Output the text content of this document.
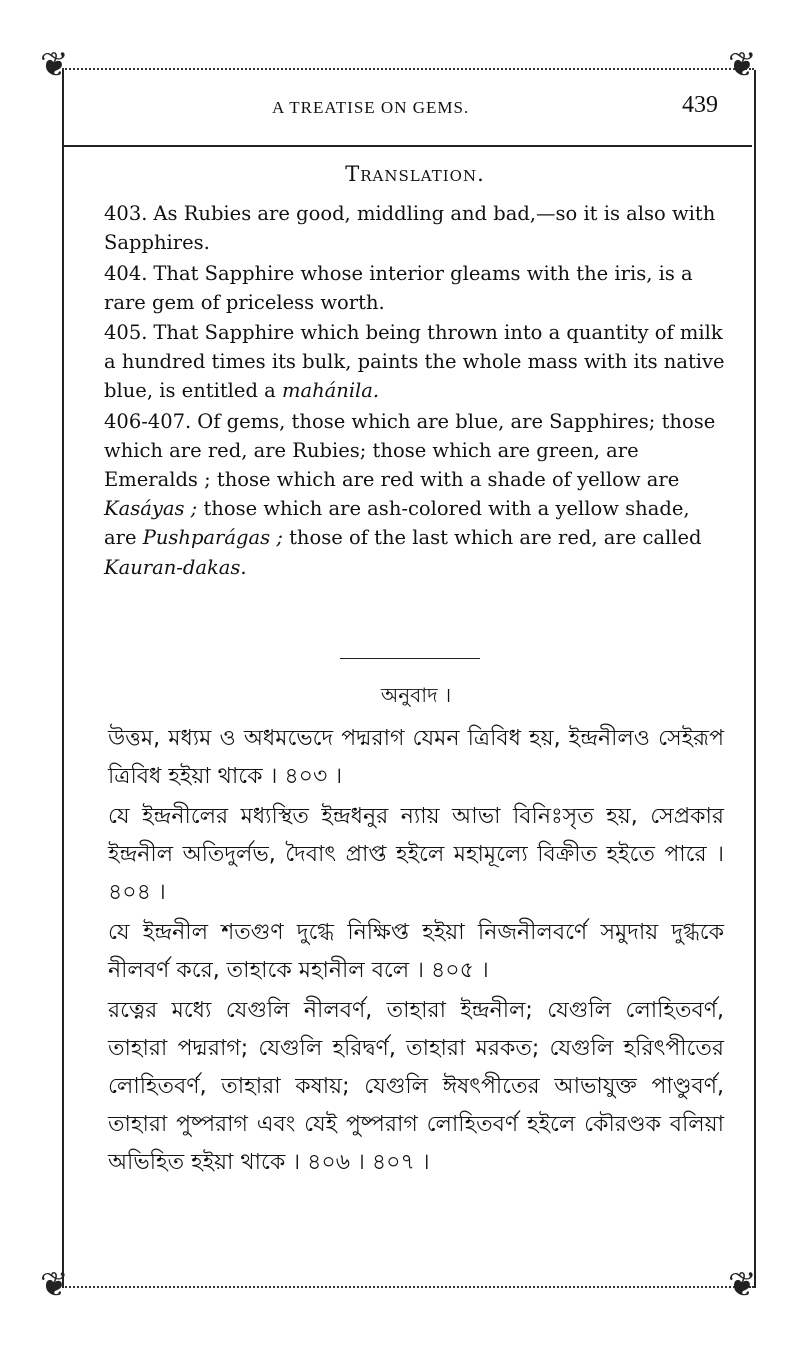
❦	❦
❦	❦
A TREATISE ON GEMS.	439
Translation.

403. As Rubies are good, middling and bad,—so it is also with Sapphires.

404. That Sapphire whose interior gleams with the iris, is a rare gem of priceless worth.

405. That Sapphire which being thrown into a quantity of milk a hundred times its bulk, paints the whole mass with its native blue, is entitled a mahánila.

406-407. Of gems, those which are blue, are Sapphires; those which are red, are Rubies; those which are green, are Emeralds ; those which are red with a shade of yellow are Kasáyas ; those which are ash-colored with a yellow shade, are Pushparágas ; those of the last which are red, are called Kauran-dakas.

অনুবাদ ।

উত্তম, মধ্যম ও অধমভেদে পদ্মরাগ যেমন ত্রিবিধ হয়, ইন্দ্রনীলও সেইরূপ ত্রিবিধ হইয়া থাকে । ৪০৩ ।

যে ইন্দ্রনীলের মধ্যস্থিত ইন্দ্রধনুর ন্যায় আভা বিনিঃসৃত হয়, সেপ্রকার ইন্দ্রনীল অতিদুর্লভ, দৈবাৎ প্রাপ্ত হইলে মহামূল্যে বিক্রীত হইতে পারে । ৪০৪ ।

যে ইন্দ্রনীল শতগুণ দুগ্ধে নিক্ষিপ্ত হইয়া নিজনীলবর্ণে সমুদায় দুগ্ধকে নীলবর্ণ করে, তাহাকে মহানীল বলে । ৪০৫ ।

রত্নের মধ্যে যেগুলি নীলবর্ণ, তাহারা ইন্দ্রনীল; যেগুলি লোহিতবর্ণ, তাহারা পদ্মরাগ; যেগুলি হরিদ্বর্ণ, তাহারা মরকত; যেগুলি হরিৎপীতের লোহিতবর্ণ, তাহারা কষায়; যেগুলি ঈষৎপীতের আভাযুক্ত পাণ্ডুবর্ণ, তাহারা পুষ্পরাগ এবং যেই পুষ্পরাগ লোহিতবর্ণ হইলে কৌরণ্ডক বলিয়া অভিহিত হইয়া থাকে । ৪০৬ । ৪০৭ ।
